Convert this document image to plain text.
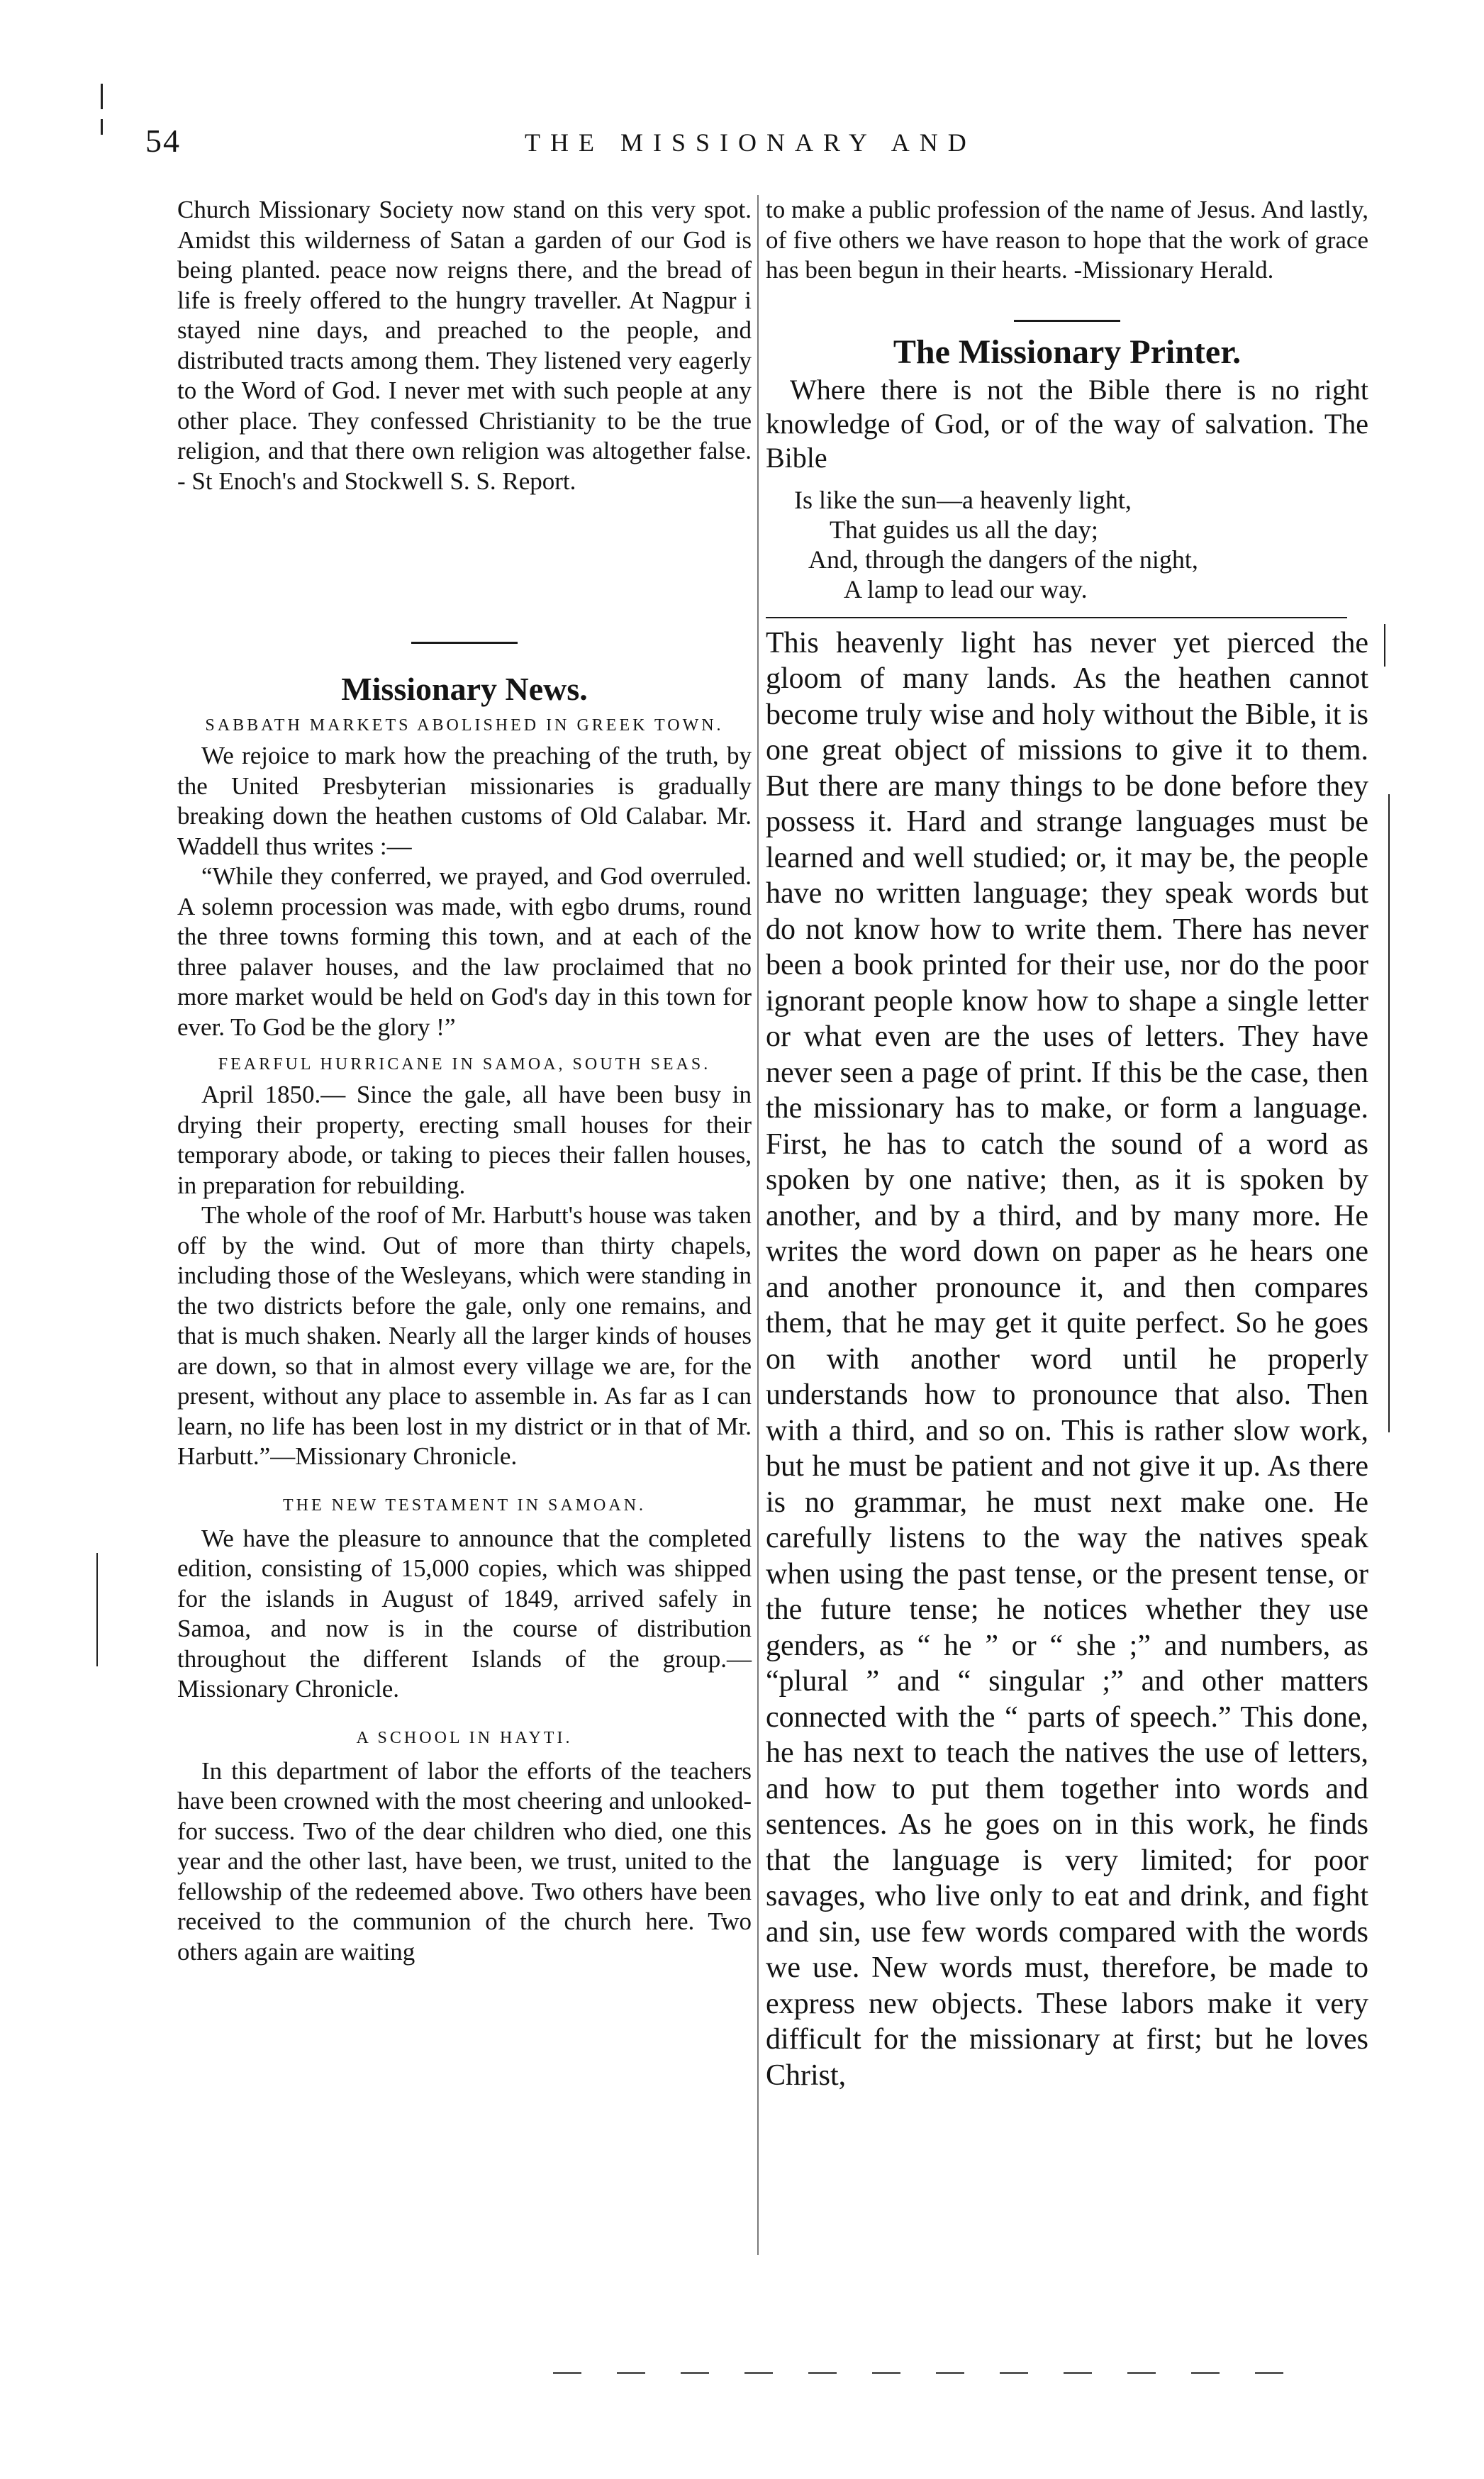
54	THE MISSIONARY AND

Church Missionary Society now stand on this very spot. Amidst this wilderness of Satan a garden of our God is being planted. peace now reigns there, and the bread of life is freely offered to the hungry traveller. At Nagpur i stayed nine days, and preached to the people, and distributed tracts among them. They listened very eagerly to the Word of God. I never met with such people at any other place. They confessed Christianity to be the true religion, and that there own religion was altogether false. - St Enoch's and Stockwell S. S. Report.

Missionary News.
SABBATH MARKETS ABOLISHED IN GREEK TOWN.

We rejoice to mark how the preaching of the truth, by the United Presbyterian missionaries is gradually breaking down the heathen customs of Old Calabar. Mr. Waddell thus writes :—

“While they conferred, we prayed, and God overruled. A solemn procession was made, with egbo drums, round the three towns forming this town, and at each of the three palaver houses, and the law proclaimed that no more market would be held on God's day in this town for ever. To God be the glory !”

FEARFUL HURRICANE IN SAMOA, SOUTH SEAS.

April 1850.— Since the gale, all have been busy in drying their property, erecting small houses for their temporary abode, or taking to pieces their fallen houses, in preparation for rebuilding.

The whole of the roof of Mr. Harbutt's house was taken off by the wind. Out of more than thirty chapels, including those of the Wesleyans, which were standing in the two districts before the gale, only one remains, and that is much shaken. Nearly all the larger kinds of houses are down, so that in almost every village we are, for the present, without any place to assemble in. As far as I can learn, no life has been lost in my district or in that of Mr. Harbutt.”—Missionary Chronicle.

THE NEW TESTAMENT IN SAMOAN.

We have the pleasure to announce that the completed edition, consisting of 15,000 copies, which was shipped for the islands in August of 1849, arrived safely in Samoa, and now is in the course of distribution throughout the different Islands of the group.—Missionary Chronicle.

A SCHOOL IN HAYTI.

In this department of labor the efforts of the teachers have been crowned with the most cheering and unlooked-for success. Two of the dear children who died, one this year and the other last, have been, we trust, united to the fellowship of the redeemed above. Two others have been received to the communion of the church here. Two others again are waiting

to make a public profession of the name of Jesus. And lastly, of five others we have reason to hope that the work of grace has been begun in their hearts. -Missionary Herald.

The Missionary Printer.

Where there is not the Bible there is no right knowledge of God, or of the way of salvation. The Bible

Is like the sun—a heavenly light,
That guides us all the day;
And, through the dangers of the night,
A lamp to lead our way.

This heavenly light has never yet pierced the gloom of many lands. As the heathen cannot become truly wise and holy without the Bible, it is one great object of missions to give it to them. But there are many things to be done before they possess it. Hard and strange languages must be learned and well studied; or, it may be, the people have no written language; they speak words but do not know how to write them. There has never been a book printed for their use, nor do the poor ignorant people know how to shape a single letter or what even are the uses of letters. They have never seen a page of print. If this be the case, then the missionary has to make, or form a language. First, he has to catch the sound of a word as spoken by one native; then, as it is spoken by another, and by a third, and by many more. He writes the word down on paper as he hears one and another pronounce it, and then compares them, that he may get it quite perfect. So he goes on with another word until he properly understands how to pronounce that also. Then with a third, and so on. This is rather slow work, but he must be patient and not give it up. As there is no grammar, he must next make one. He carefully listens to the way the natives speak when using the past tense, or the present tense, or the future tense; he notices whether they use genders, as “ he ” or “ she ;” and numbers, as “plural ” and “ singular ;” and other matters connected with the “ parts of speech.” This done, he has next to teach the natives the use of letters, and how to put them together into words and sentences. As he goes on in this work, he finds that the language is very limited; for poor savages, who live only to eat and drink, and fight and sin, use few words compared with the words we use. New words must, therefore, be made to express new objects. These labors make it very difficult for the missionary at first; but he loves Christ,
